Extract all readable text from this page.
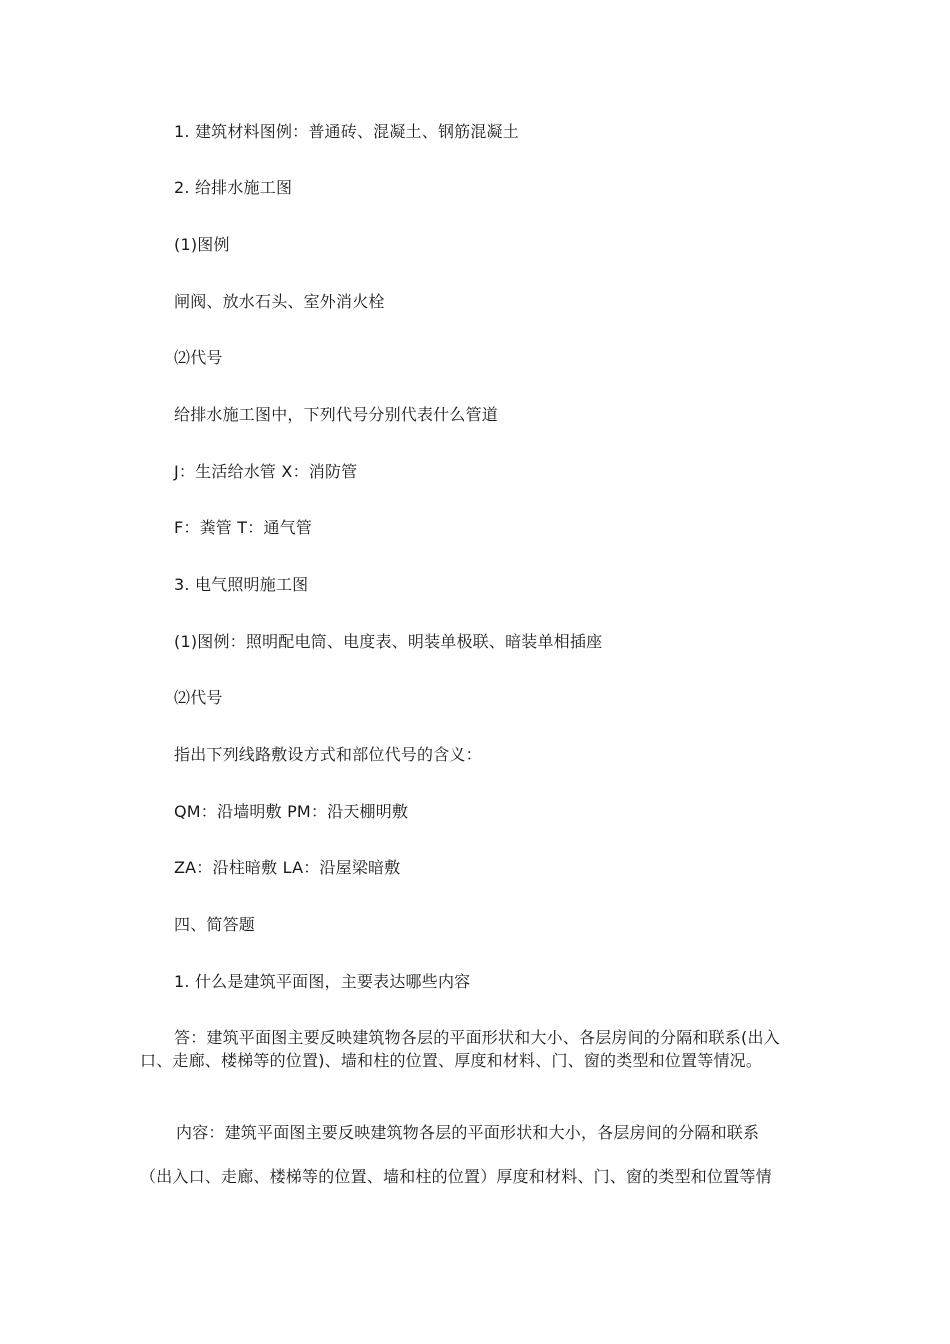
1. 建筑材料图例：普通砖、混凝土、钢筋混凝土
2. 给排水施工图
(1)图例
闸阀、放水石头、室外消火栓
⑵代号
给排水施工图中，下列代号分别代表什么管道
J：生活给水管 X：消防管
F：粪管 T：通气管
3. 电气照明施工图
(1)图例：照明配电筒、电度表、明装单极联、暗装单相插座
⑵代号
指出下列线路敷设方式和部位代号的含义：
QM：沿墙明敷 PM：沿天棚明敷
ZA：沿柱暗敷 LA：沿屋梁暗敷
四、简答题
1. 什么是建筑平面图，主要表达哪些内容
答：建筑平面图主要反映建筑物各层的平面形状和大小、各层房间的分隔和联系(出入口、走廊、楼梯等的位置)、墙和柱的位置、厚度和材料、门、窗的类型和位置等情况。
内容：建筑平面图主要反映建筑物各层的平面形状和大小，各层房间的分隔和联系
（出入口、走廊、楼梯等的位置、墙和柱的位置）厚度和材料、门、窗的类型和位置等情
